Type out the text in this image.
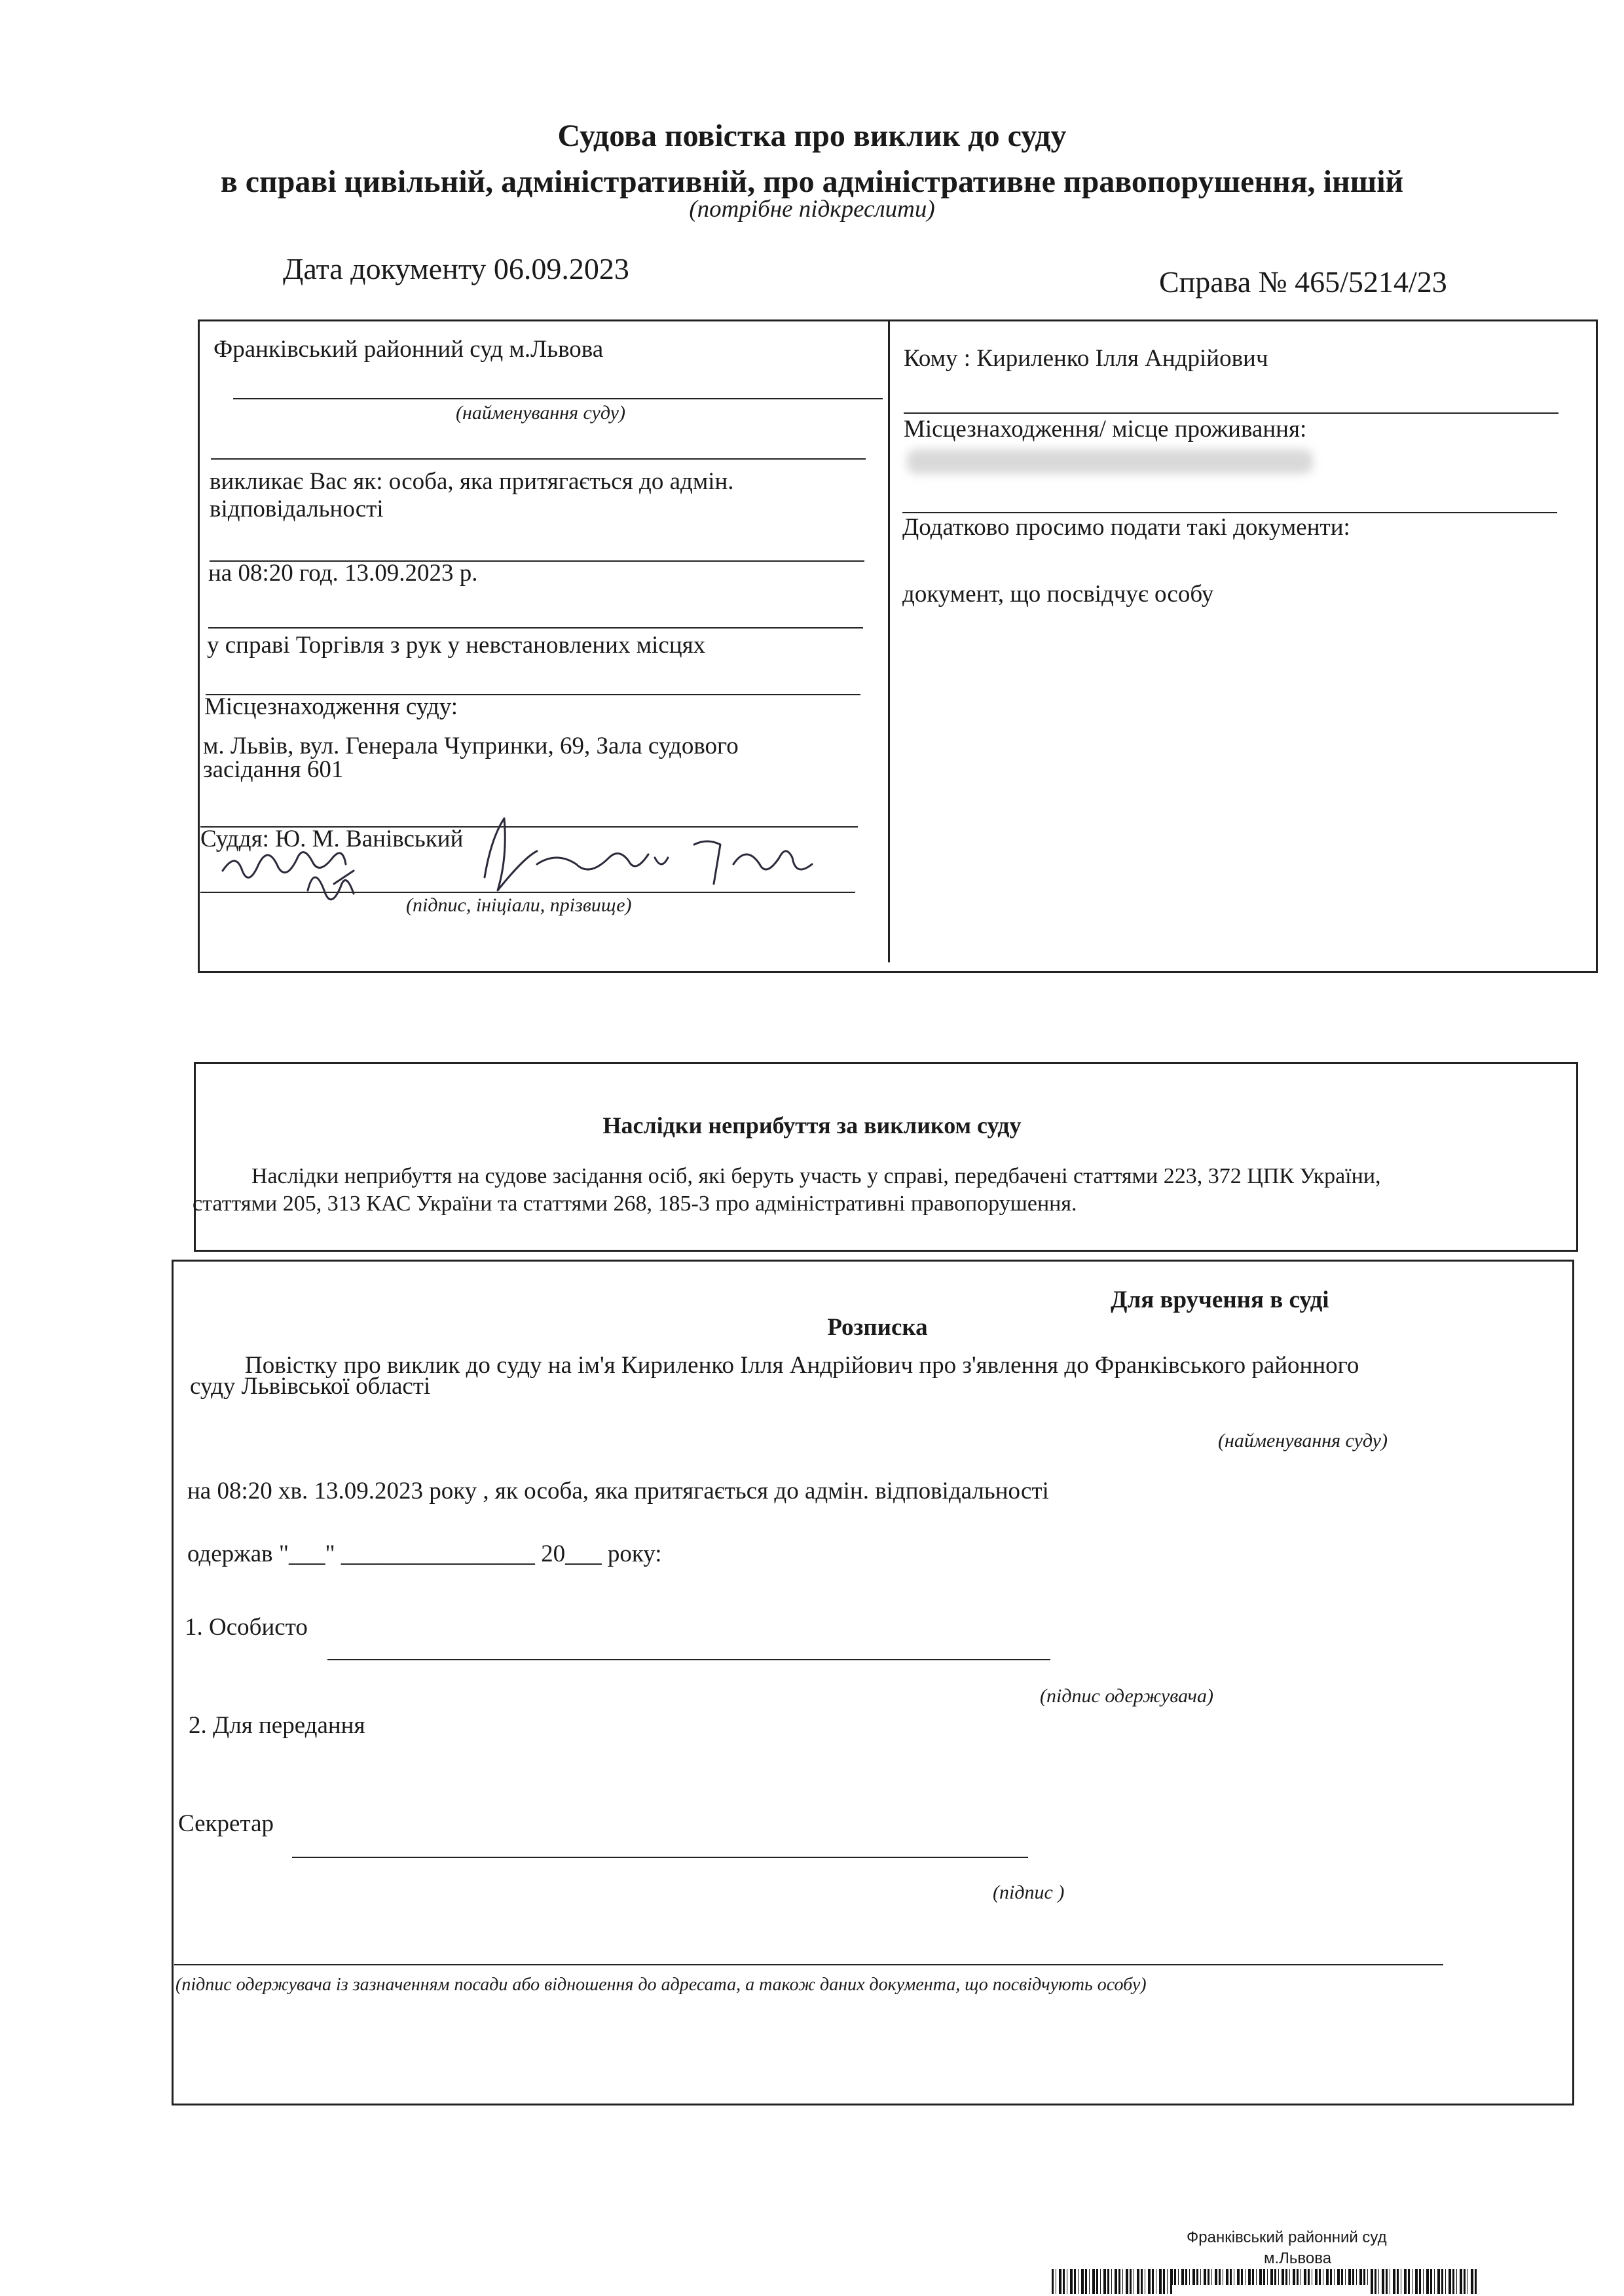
Судова повістка про виклик до суду
в справі цивільній, адміністративній, про адміністративне правопорушення, іншій
(потрібне підкреслити)
Дата документу 06.09.2023	Справа № 465/5214/23
Франківський районний суд м.Львова
(найменування суду)
викликає Вас як: особа, яка притягається до адмін.
відповідальності
на 08:20 год. 13.09.2023 р.
у справі Торгівля з рук у невстановлених місцях
Місцезнаходження суду:
м. Львів, вул. Генерала Чупринки, 69, Зала судового
засідання 601
Суддя: Ю. М. Ванівський
(підпис, ініціали, прізвище)
Кому : Кириленко Ілля Андрійович
Місцезнаходження/ місце проживання:
Додатково просимо подати такі документи:
документ, що посвідчує особу
Наслідки неприбуття за викликом суду
Наслідки неприбуття на судове засідання осіб, які беруть участь у справі, передбачені статтями 223, 372 ЦПК України,
статтями 205, 313 КАС України та статтями 268, 185-3 про адміністративні правопорушення.
Для вручення в суді
Розписка
Повістку про виклик до суду на ім'я Кириленко Ілля Андрійович про з'явлення до Франківського районного
суду Львівської області
(найменування суду)
на 08:20 хв. 13.09.2023 року , як особа, яка притягається до адмін. відповідальності
одержав "___" ________________ 20___ року:
1. Особисто
(підпис одержувача)
2. Для передання
Секретар
(підпис )
(підпис одержувача із зазначенням посади або відношення до адресата, а також даних документа, що посвідчують особу)
Франківський районний суд
м.Львова
